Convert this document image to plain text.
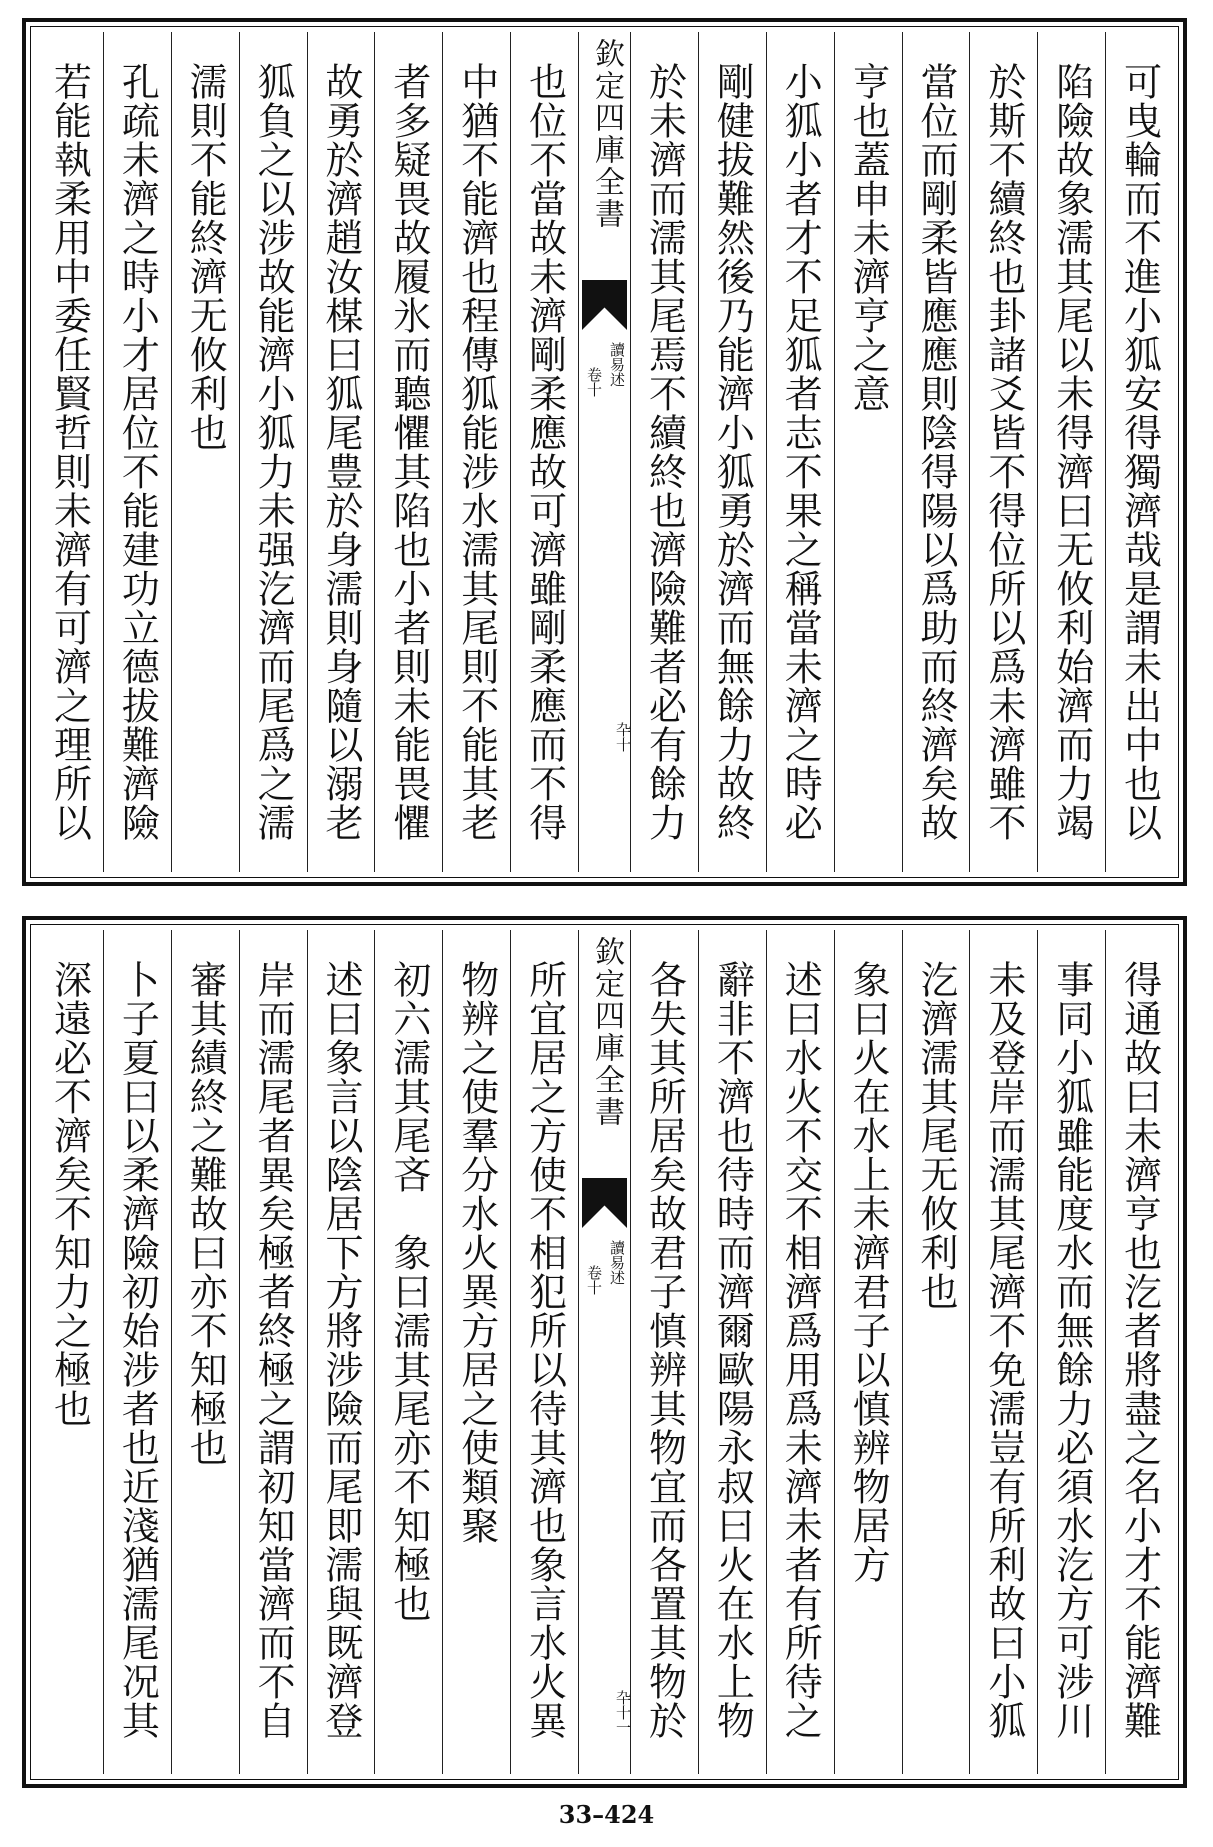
可曳輪而不進小狐安得獨濟哉是謂未出中也以
陷險故象濡其尾以未得濟曰无攸利始濟而力竭
於斯不續終也卦諸爻皆不得位所以爲未濟雖不
當位而剛柔皆應應則陰得陽以爲助而終濟矣故
亨也蓋申未濟亨之意
小狐小者才不足狐者志不果之稱當未濟之時必
剛健拔難然後乃能濟小狐勇於濟而無餘力故終
於未濟而濡其尾焉不續終也濟險難者必有餘力
欽定四庫全書
讀易述
卷十
卆十
也位不當故未濟剛柔應故可濟雖剛柔應而不得
中猶不能濟也程傳狐能涉水濡其尾則不能其老
者多疑畏故履氷而聽懼其陷也小者則未能畏懼
故勇於濟趙汝楳曰狐尾豊於身濡則身隨以溺老
狐負之以涉故能濟小狐力未强汔濟而尾爲之濡
濡則不能終濟无攸利也
孔疏未濟之時小才居位不能建功立德拔難濟險
若能執柔用中委任賢哲則未濟有可濟之理所以
得通故曰未濟亨也汔者將盡之名小才不能濟難
事同小狐雖能度水而無餘力必須水汔方可涉川
未及登岸而濡其尾濟不免濡豈有所利故曰小狐
汔濟濡其尾无攸利也
象曰火在水上未濟君子以慎辨物居方
述曰水火不交不相濟爲用爲未濟未者有所待之
辭非不濟也待時而濟爾歐陽永叔曰火在水上物
各失其所居矣故君子慎辨其物宜而各置其物於
欽定四庫全書
讀易述
卷十
卆十一
所宜居之方使不相犯所以待其濟也象言水火異
物辨之使羣分水火異方居之使類聚
初六濡其尾吝　象曰濡其尾亦不知極也
述曰象言以陰居下方將涉險而尾即濡與既濟登
岸而濡尾者異矣極者終極之謂初知當濟而不自
審其績終之難故曰亦不知極也
卜子夏曰以柔濟險初始涉者也近淺猶濡尾况其
深遠必不濟矣不知力之極也
33–424
